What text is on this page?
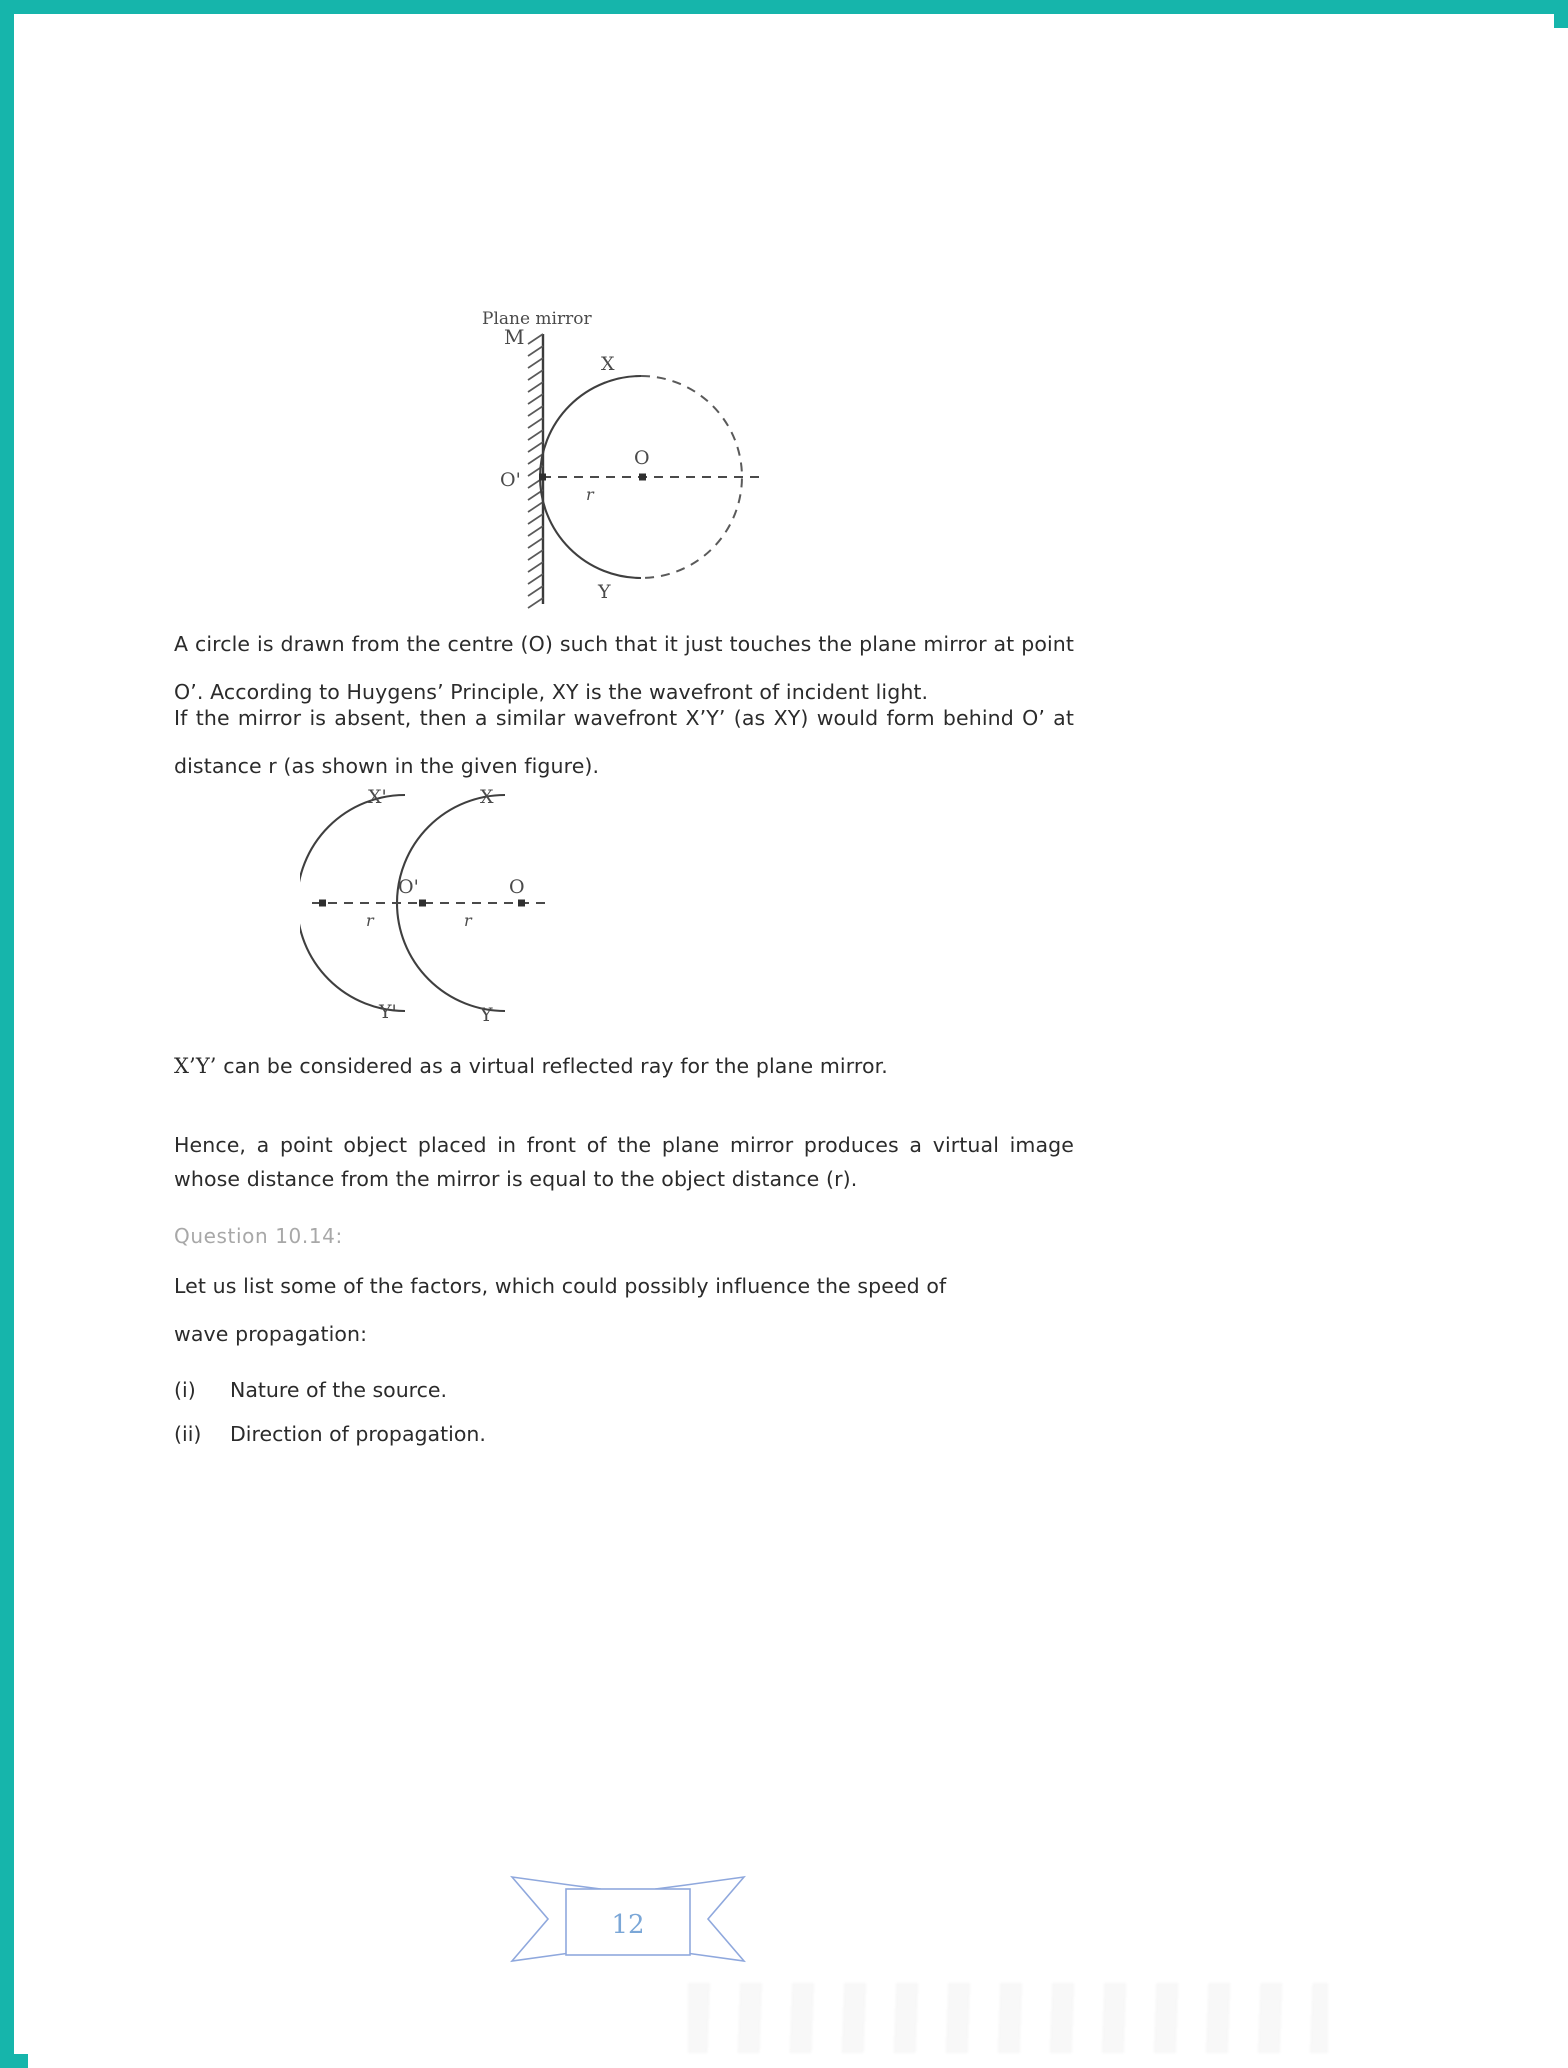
Plane mirror
M
O'
O
r
X
Y

A circle is drawn from the centre (O) such that it just touches the plane mirror at point O’. According to Huygens’ Principle, XY is the wavefront of incident light.

If the mirror is absent, then a similar wavefront X’Y’ (as XY) would form behind O’ at distance r (as shown in the given figure).

X'	X
O'	O
r	r
Y'	Y

X’Y’ can be considered as a virtual reflected ray for the plane mirror.

Hence, a point object placed in front of the plane mirror produces a virtual image whose distance from the mirror is equal to the object distance (r).

Question 10.14:

Let us list some of the factors, which could possibly influence the speed of wave propagation:

(i)	Nature of the source.
(ii)	Direction of propagation.
12
